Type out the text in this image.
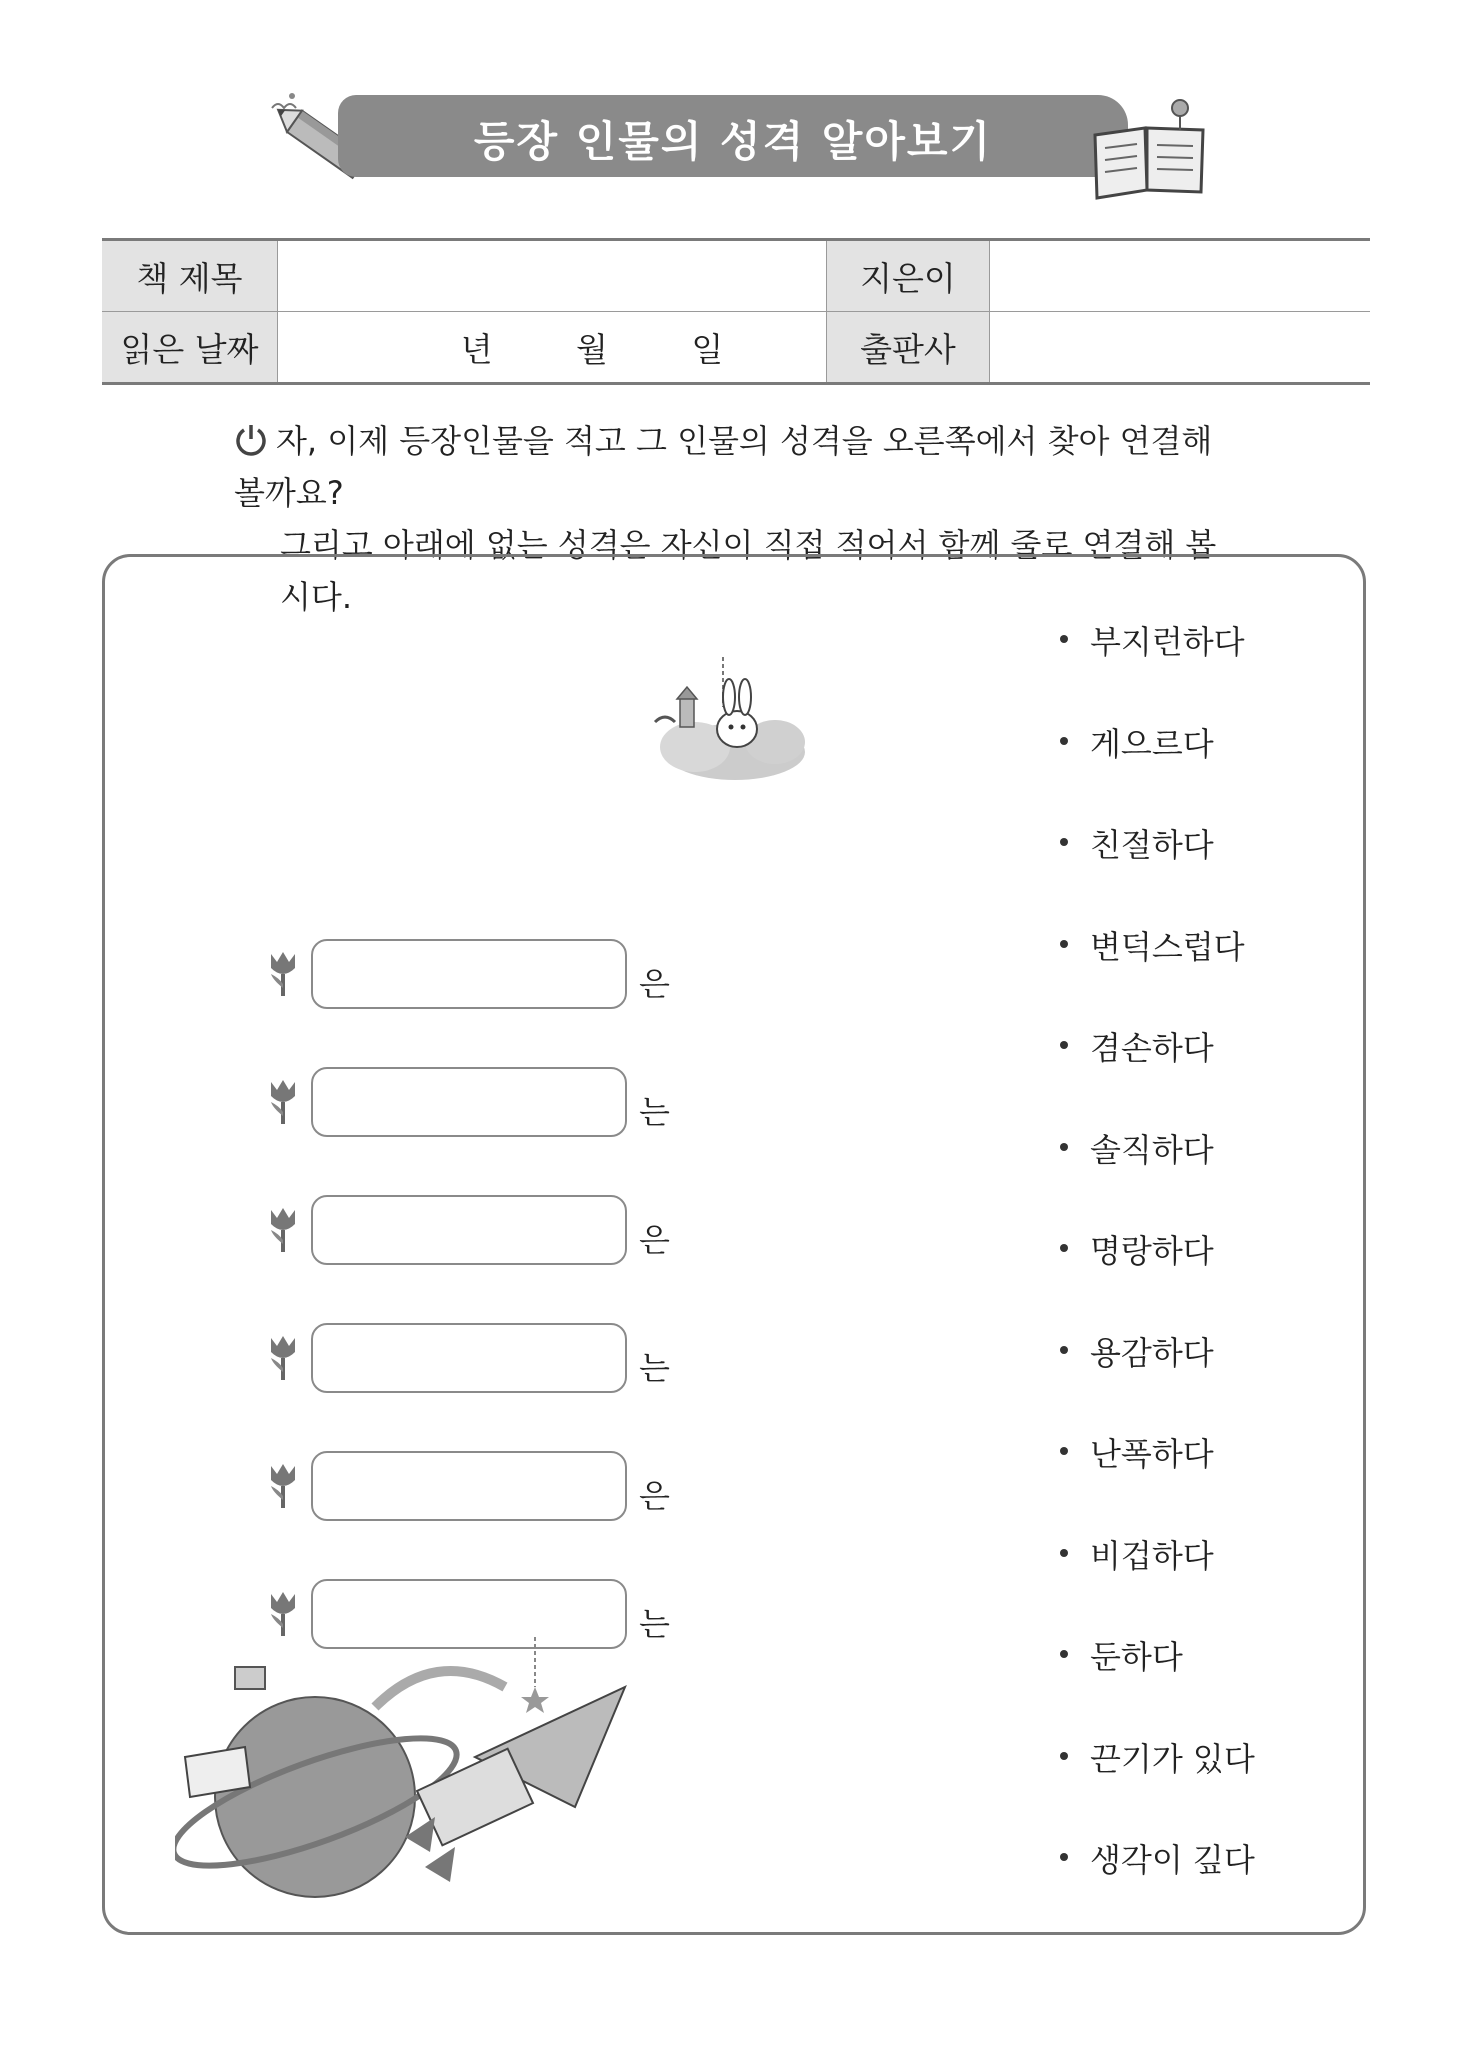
등장 인물의 성격 알아보기
책 제목		지은이	
읽은 날짜	년 월 일	출판사	
자, 이제 등장인물을 적고 그 인물의 성격을 오른쪽에서 찾아 연결해 볼까요?
그리고 아래에 없는 성격은 자신이 직접 적어서 함께 줄로 연결해 봅시다.
은
는
은
는
은
는
부지런하다
게으르다
친절하다
변덕스럽다
겸손하다
솔직하다
명랑하다
용감하다
난폭하다
비겁하다
둔하다
끈기가 있다
생각이 깊다
